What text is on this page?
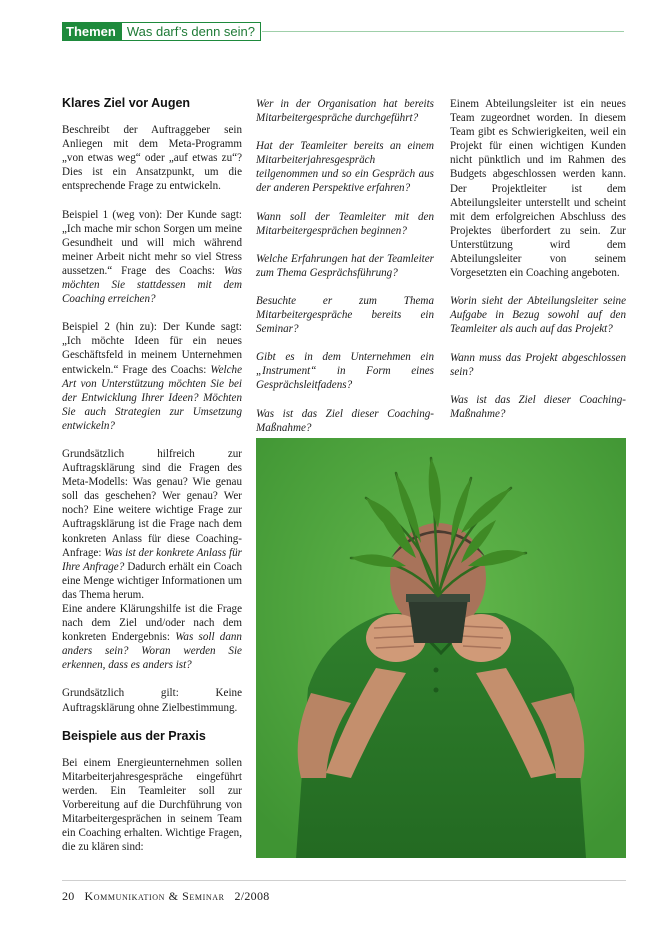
Themen Was darf’s denn sein?
Klares Ziel vor Augen

Beschreibt der Auftraggeber sein Anliegen mit dem Meta-Programm „von etwas weg“ oder „auf etwas zu“? Dies ist ein Ansatzpunkt, um die entsprechende Frage zu entwickeln.

Beispiel 1 (weg von): Der Kunde sagt: „Ich mache mir schon Sorgen um meine Gesundheit und will mich während meiner Arbeit nicht mehr so viel Stress aussetzen.“ Frage des Coachs: Was möchten Sie stattdessen mit dem Coaching erreichen?

Beispiel 2 (hin zu): Der Kunde sagt: „Ich möchte Ideen für ein neues Geschäftsfeld in meinem Unternehmen entwickeln.“ Frage des Coachs: Welche Art von Unterstützung möchten Sie bei der Entwicklung Ihrer Ideen? Möchten Sie auch Strategien zur Umsetzung entwickeln?

Grundsätzlich hilfreich zur Auftragsklärung sind die Fragen des Meta-Modells: Was genau? Wie genau soll das geschehen? Wer genau? Wer noch? Eine weitere wichtige Frage zur Auftragsklärung ist die Frage nach dem konkreten Anlass für diese Coaching-Anfrage: Was ist der konkrete Anlass für Ihre Anfrage? Dadurch erhält ein Coach eine Menge wichtiger Informationen um das Thema herum.

Eine andere Klärungshilfe ist die Frage nach dem Ziel und/oder nach dem konkreten Endergebnis: Was soll dann anders sein? Woran werden Sie erkennen, dass es anders ist?

Grundsätzlich gilt: Keine Auftragsklärung ohne Zielbestimmung.

Beispiele aus der Praxis

Bei einem Energieunternehmen sollen Mitarbeiterjahresgespräche eingeführt werden. Ein Teamleiter soll zur Vorbereitung auf die Durchführung von Mitarbeitergesprächen in seinem Team ein Coaching erhalten. Wichtige Fragen, die zu klären sind:

Wer in der Organisation hat bereits Mitarbeitergespräche durchgeführt?

Hat der Teamleiter bereits an einem Mitarbeiterjahresgespräch teilgenommen und so ein Gespräch aus der anderen Perspektive erfahren?

Wann soll der Teamleiter mit den Mitarbeitergesprächen beginnen?

Welche Erfahrungen hat der Teamleiter zum Thema Gesprächsführung?

Besuchte er zum Thema Mitarbeitergespräche bereits ein Seminar?

Gibt es in dem Unternehmen ein „Instrument“ in Form eines Gesprächsleitfadens?

Was ist das Ziel dieser Coaching-Maßnahme?

Einem Abteilungsleiter ist ein neues Team zugeordnet worden. In diesem Team gibt es Schwierigkeiten, weil ein Projekt für einen wichtigen Kunden nicht pünktlich und im Rahmen des Budgets abgeschlossen werden kann. Der Projektleiter ist dem Abteilungsleiter unterstellt und scheint mit dem erfolgreichen Abschluss des Projektes überfordert zu sein. Zur Unterstützung wird dem Abteilungsleiter von seinem Vorgesetzten ein Coaching angeboten.

Worin sieht der Abteilungsleiter seine Aufgabe in Bezug sowohl auf den Teamleiter als auch auf das Projekt?

Wann muss das Projekt abgeschlossen sein?

Was ist das Ziel dieser Coaching-Maßnahme?

20 Kommunikation & Seminar 2/2008
